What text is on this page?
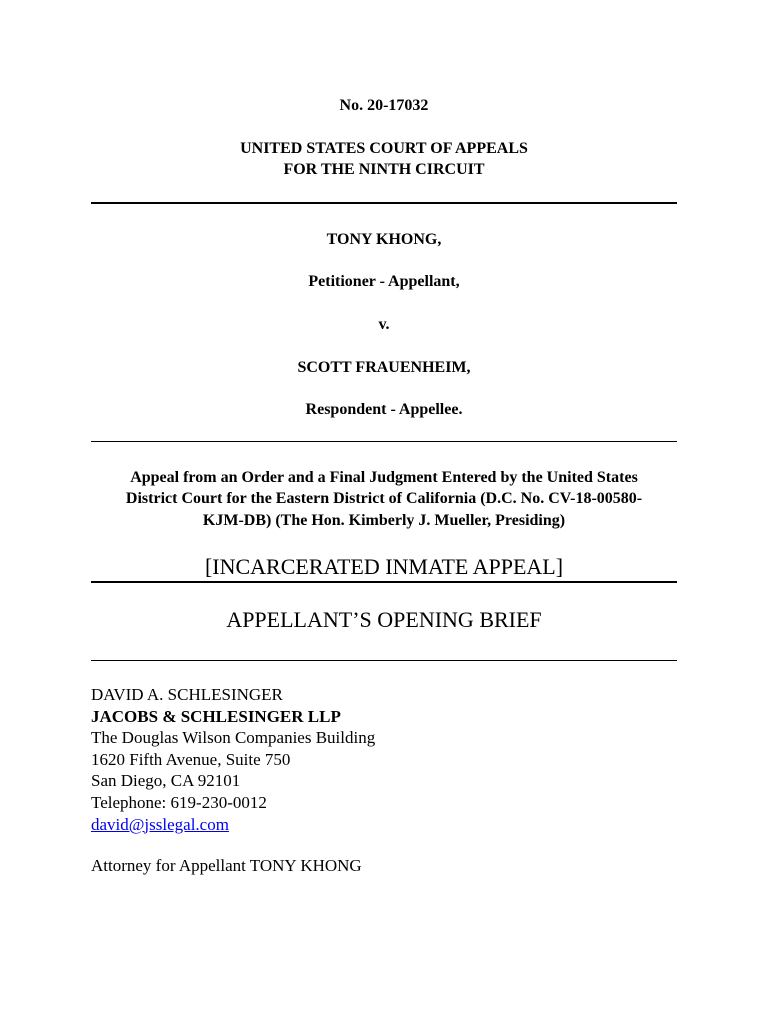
No. 20-17032
UNITED STATES COURT OF APPEALS
FOR THE NINTH CIRCUIT
TONY KHONG,
Petitioner - Appellant,
v.
SCOTT FRAUENHEIM,
Respondent - Appellee.
Appeal from an Order and a Final Judgment Entered by the United States
District Court for the Eastern District of California (D.C. No. CV-18-00580-
KJM-DB) (The Hon. Kimberly J. Mueller, Presiding)
[INCARCERATED INMATE APPEAL]
APPELLANT’S OPENING BRIEF
DAVID A. SCHLESINGER
JACOBS & SCHLESINGER LLP
The Douglas Wilson Companies Building
1620 Fifth Avenue, Suite 750
San Diego, CA 92101
Telephone: 619-230-0012
david@jsslegal.com
Attorney for Appellant TONY KHONG
